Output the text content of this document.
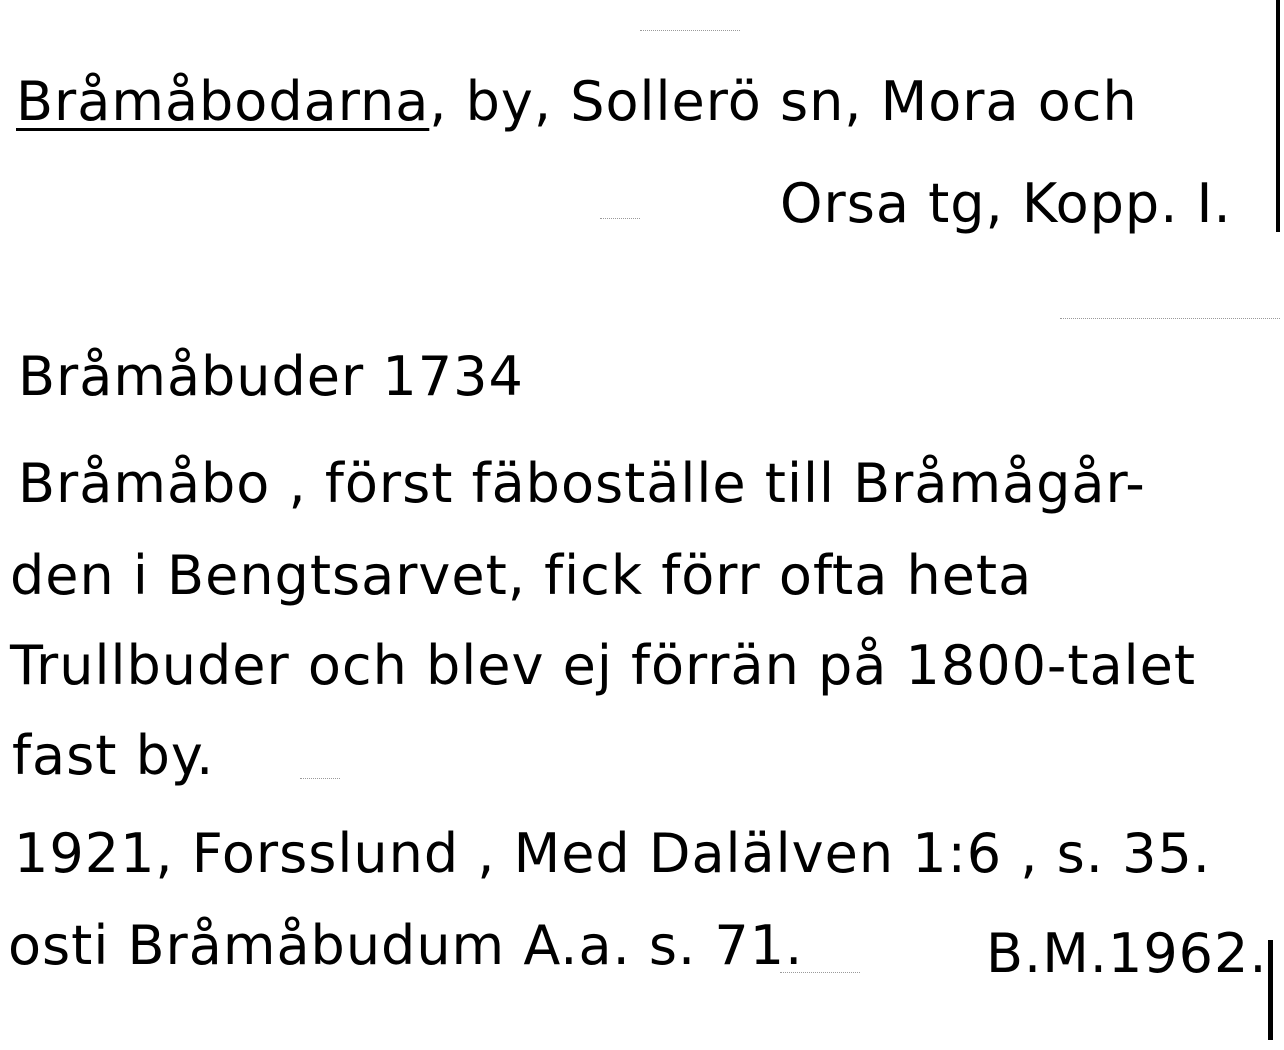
Bråmåbodarna, by, Sollerö sn, Mora och
Orsa tg, Kopp. I.
Bråmåbuder 1734
Bråmåbo , först fäboställe till Bråmågår-
den i Bengtsarvet, fick förr ofta heta
Trullbuder och blev ej förrän på 1800-talet
fast by.
1921, Forsslund , Med Dalälven 1:6 , s. 35.
osti Bråmåbudum A.a. s. 71.	B.M.1962.
